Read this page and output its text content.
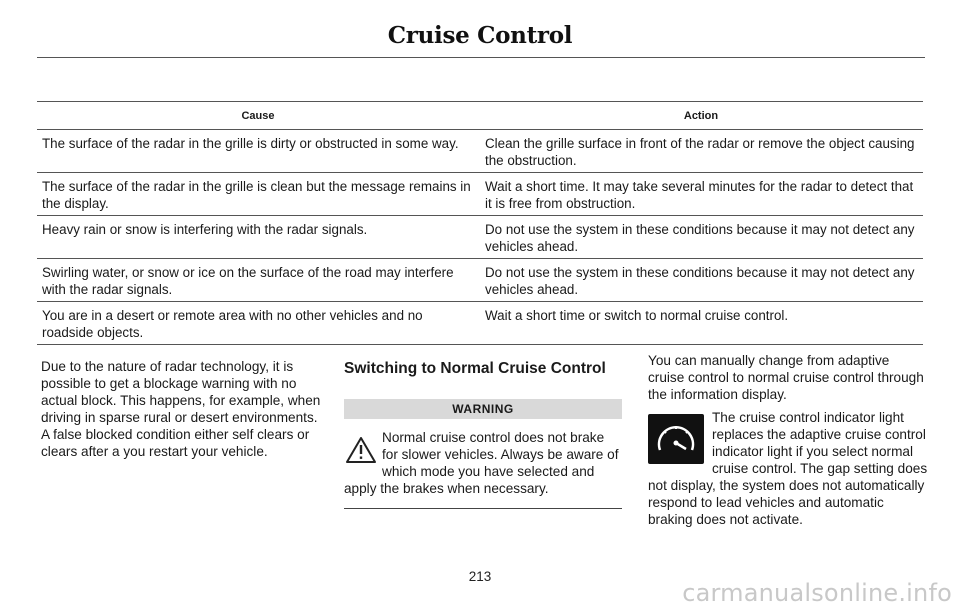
Cruise Control
Cause	Action
The surface of the radar in the grille is dirty or obstructed in some way.	Clean the grille surface in front of the radar or remove the object causing the obstruction.
The surface of the radar in the grille is clean but the message remains in the display.	Wait a short time. It may take several minutes for the radar to detect that it is free from obstruction.
Heavy rain or snow is interfering with the radar signals.	Do not use the system in these conditions because it may not detect any vehicles ahead.
Swirling water, or snow or ice on the surface of the road may interfere with the radar signals.	Do not use the system in these conditions because it may not detect any vehicles ahead.
You are in a desert or remote area with no other vehicles and no roadside objects.	Wait a short time or switch to normal cruise control.
Due to the nature of radar technology, it is possible to get a blockage warning with no actual block. This happens, for example, when driving in sparse rural or desert environments. A false blocked condition either self clears or clears after a you restart your vehicle.
Switching to Normal Cruise Control
WARNING
Normal cruise control does not brake for slower vehicles. Always be aware of which mode you have selected and apply the brakes when necessary.
You can manually change from adaptive cruise control to normal cruise control through the information display.
The cruise control indicator light replaces the adaptive cruise control indicator light if you select normal cruise control. The gap setting does not display, the system does not automatically respond to lead vehicles and automatic braking does not activate.
213
carmanualsonline.info
